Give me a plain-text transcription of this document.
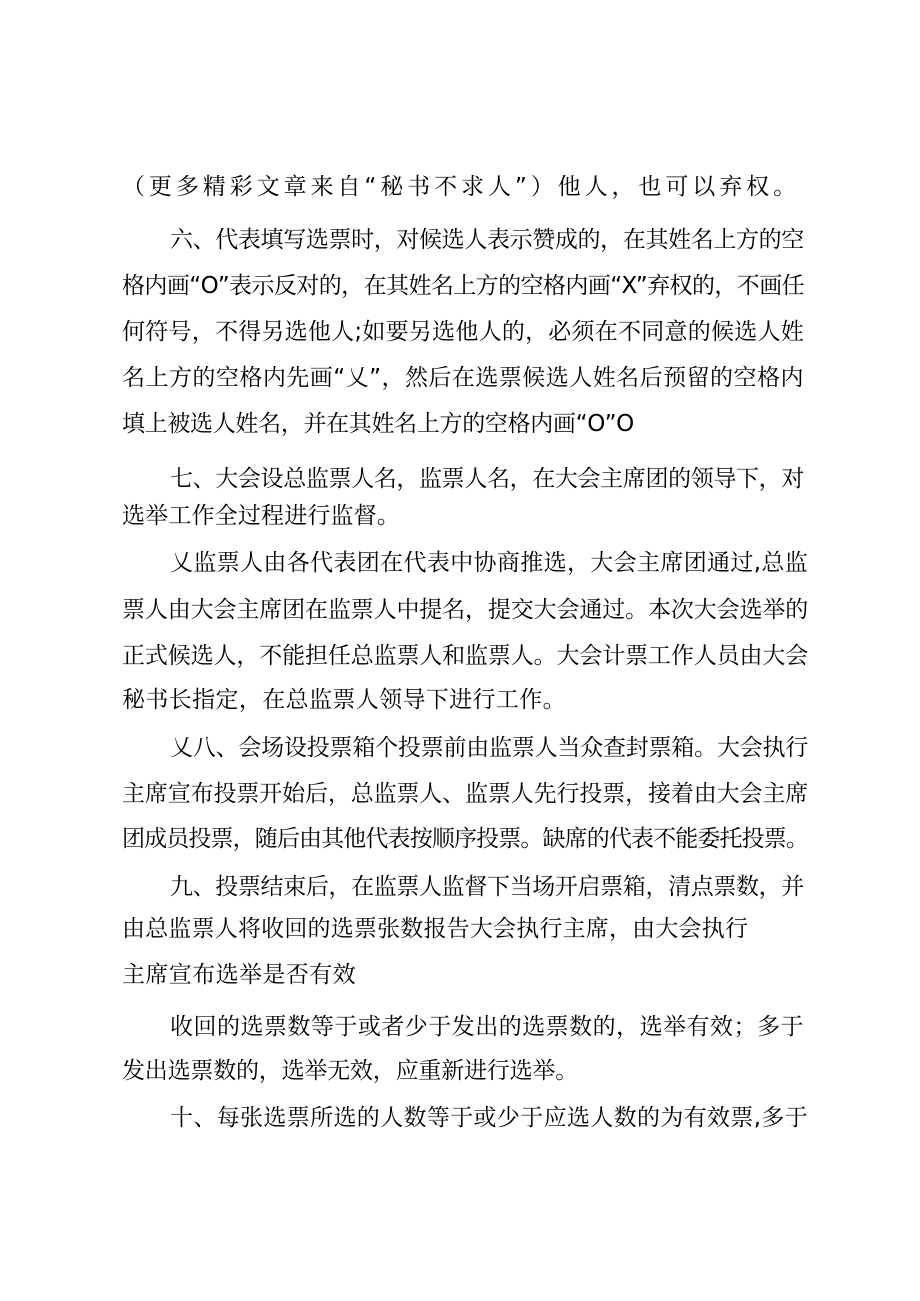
（更多精彩文章来自“秘书不求人”）他人，也可以弃权。
六、代表填写选票时，对候选人表示赞成的，在其姓名上方的空
格内画“O”表示反对的，在其姓名上方的空格内画“X”弃权的，不画任
何符号，不得另选他人;如要另选他人的，必须在不同意的候选人姓
名上方的空格内先画“乂”，然后在选票候选人姓名后预留的空格内
填上被选人姓名，并在其姓名上方的空格内画“O”O
七、大会设总监票人名，监票人名，在大会主席团的领导下，对
选举工作全过程进行监督。
乂监票人由各代表团在代表中协商推选，大会主席团通过,总监
票人由大会主席团在监票人中提名，提交大会通过。本次大会选举的
正式候选人，不能担任总监票人和监票人。大会计票工作人员由大会
秘书长指定，在总监票人领导下进行工作。
乂八、会场设投票箱个投票前由监票人当众查封票箱。大会执行
主席宣布投票开始后，总监票人、监票人先行投票，接着由大会主席
团成员投票，随后由其他代表按顺序投票。缺席的代表不能委托投票。
九、投票结束后，在监票人监督下当场开启票箱，清点票数，并
由总监票人将收回的选票张数报告大会执行主席，由大会执行
主席宣布选举是否有效
收回的选票数等于或者少于发出的选票数的，选举有效；多于
发出选票数的，选举无效，应重新进行选举。
十、每张选票所选的人数等于或少于应选人数的为有效票,多于
